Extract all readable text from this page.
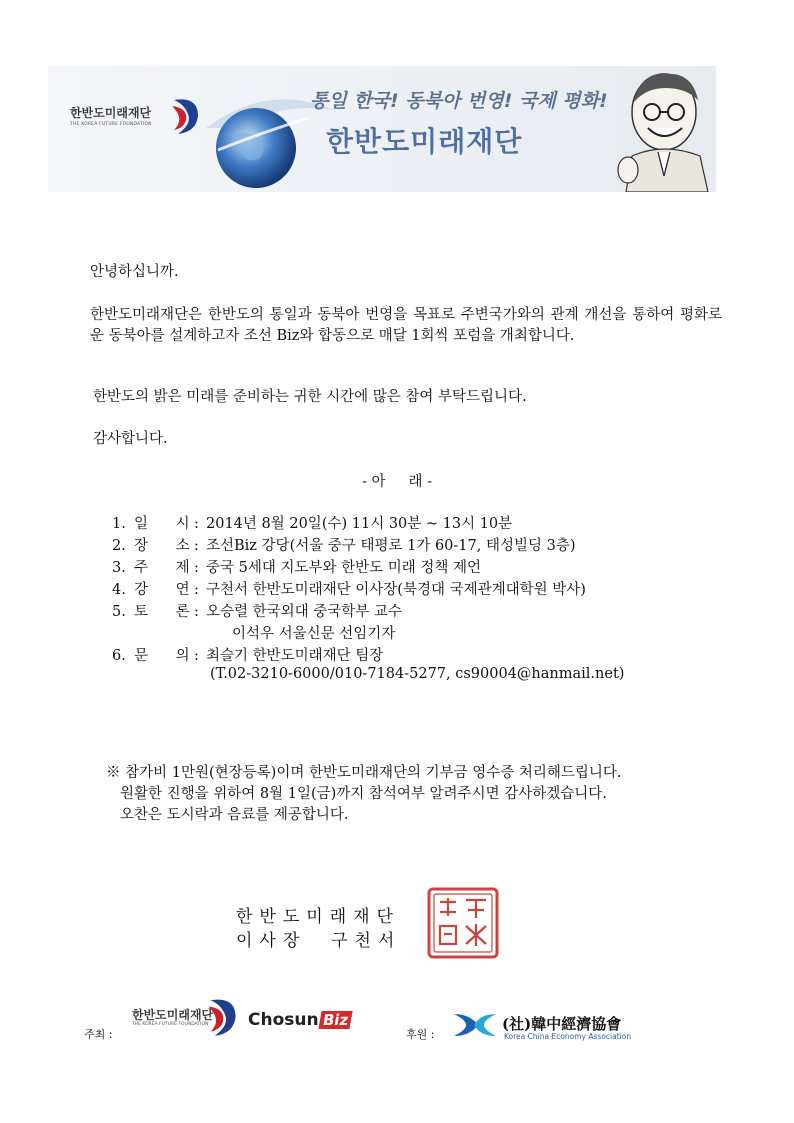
한반도미래재단
THE KOREA FUTURE FOUNDATION
통일 한국! 동북아 번영! 국제 평화!
한반도미래재단
안녕하십니까.
한반도미래재단은 한반도의 통일과 동북아 번영을 목표로 주변국가와의 관계 개선을 통하여 평화로운 동북아를 설계하고자 조선 Biz와 합동으로 매달 1회씩 포럼을 개최합니다.
한반도의 밝은 미래를 준비하는 귀한 시간에 많은 참여 부탁드립니다.
감사합니다.
- 아     래 -
1. 일      시 : 2014년 8월 20일(수) 11시 30분 ~ 13시 10분
2. 장      소 : 조선Biz 강당(서울 중구 태평로 1가 60-17, 태성빌딩 3층)
3. 주      제 : 중국 5세대 지도부와 한반도 미래 정책 제언
4. 강      연 : 구천서 한반도미래재단 이사장(북경대 국제관계대학원 박사)
5. 토      론 : 오승렬 한국외대 중국학부 교수
이석우 서울신문 선임기자
6. 문      의 : 최슬기 한반도미래재단 팀장
(T.02-3210-6000/010-7184-5277, cs90004@hanmail.net)
※ 참가비 1만원(현장등록)이며 한반도미래재단의 기부금 영수증 처리해드립니다.
원활한 진행을 위하여 8월 1일(금)까지 참석여부 알려주시면 감사하겠습니다.
오찬은 도시락과 음료를 제공합니다.
한반도미래재단
이사장  구천서
주최 :
한반도미래재단
THE KOREA FUTURE FOUNDATION Chosun Biz
후원 :
(社)韓中經濟協會
Korea China Economy Association
